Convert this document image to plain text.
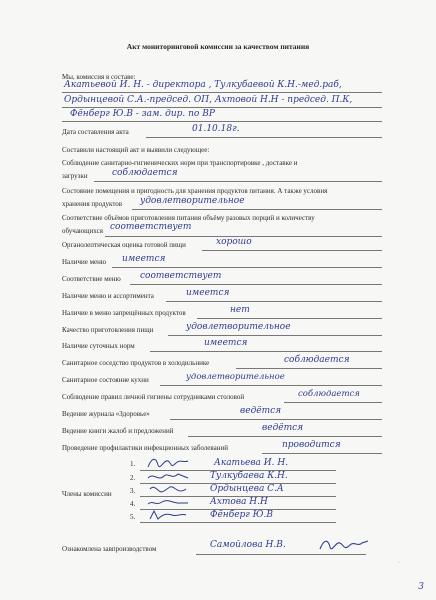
Акт мониторинговой комиссии за качеством питания
Мы, комиссия в составе:
Акатьевой И. Н. - директора , Тулкубаевой К.Н.-мед.раб,
Ордынцевой С.А.-председ. ОП, Ахтовой Н.Н - председ. П.К,
Фёнберг Ю.В - зам. дир. по ВР
Дата составления акта	01.10.18г.
Составили настоящий акт и выявили следующее:
Соблюдение санитарно-гигиенических норм при транспортировке , доставке и
загрузки	соблюдается
Состояние помещения и пригодность для хранения продуктов питания. А также условия
хранения продуктов удовлетворительное
Соответствие объёмов приготовления питания объёму разовых порций и количеству
обучающихся соответствует
Органолептическая оценка готовой пищи	хорошо
Наличие меню имеется
Соответствие меню соответствует
Наличие меню и ассортимента	имеется
Наличие в меню запрещённых продуктов	нет
Качество приготовления пищи	удовлетворительное
Наличие суточных норм	имеется
Санитарное соседство продуктов в холодильнике	соблюдается
Санитарное состояние кухни	удовлетворительное
Соблюдение правил личной гигиены сотрудниками столовой	соблюдается
Ведение журнала «Здоровье»	ведётся
Ведение книги жалоб и предложений	ведётся
Проведение профилактики инфекционных заболеваний	проводится
Члены комиссии
1.	Акатьева И. Н.
2.	Тулкубаева К.Н.
3.	Ордынцева С.А
4.	Ахтова Н.Н
5.	Фёнберг Ю.В
Ознакомлена завпроизводством	Самойлова Н.В.
·
3
